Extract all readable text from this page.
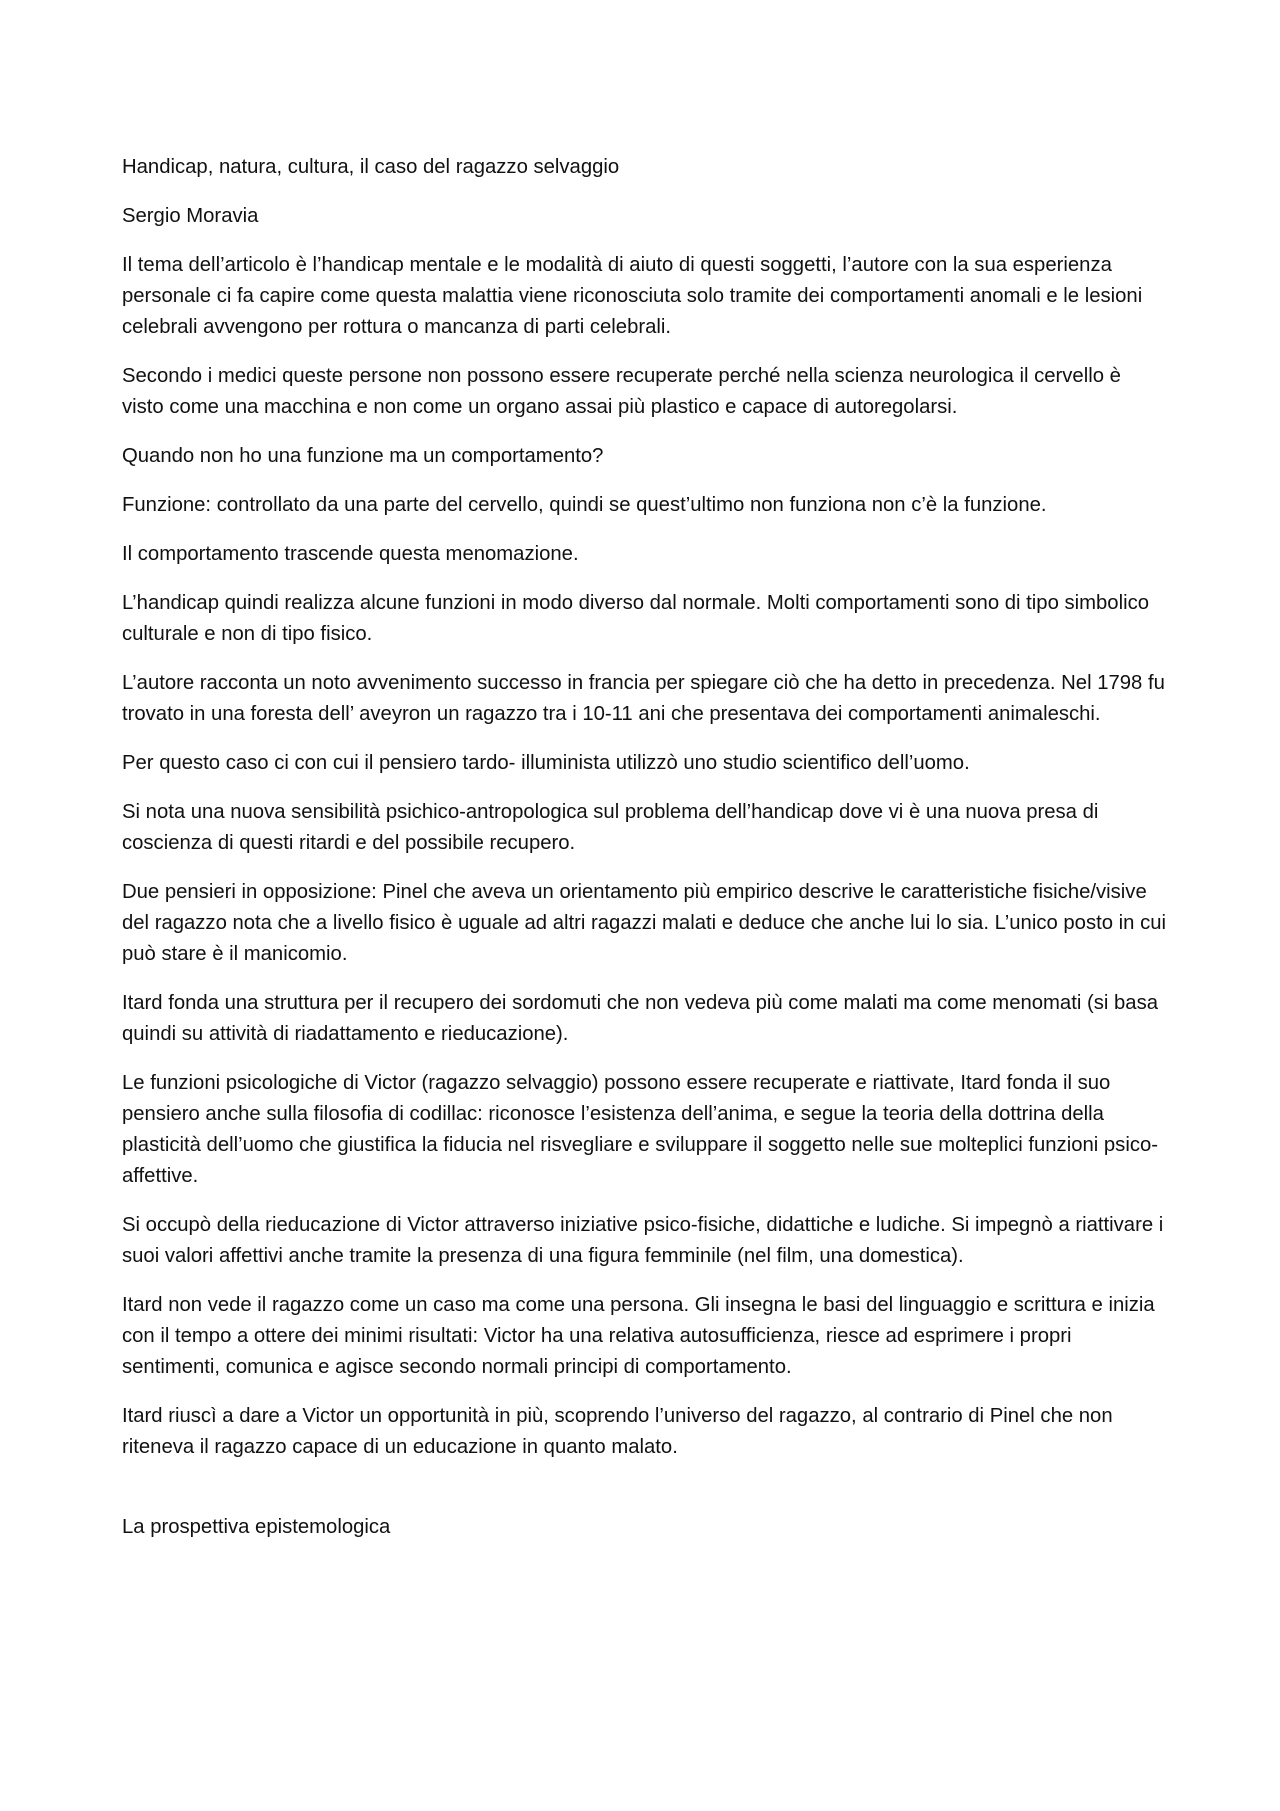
Handicap, natura, cultura, il caso del ragazzo selvaggio

Sergio Moravia

Il tema dell’articolo è l’handicap mentale e le modalità di aiuto di questi soggetti, l’autore con la sua esperienza personale ci fa capire come questa malattia viene riconosciuta solo tramite dei comportamenti anomali e le lesioni celebrali avvengono per rottura o mancanza di parti celebrali.

Secondo i medici queste persone non possono essere recuperate perché nella scienza neurologica il cervello è visto come una macchina e non come un organo assai più plastico e capace di autoregolarsi.

Quando non ho una funzione ma un comportamento?

Funzione: controllato da una parte del cervello, quindi se quest’ultimo non funziona non c’è la funzione.

Il comportamento trascende questa menomazione.

L’handicap quindi realizza alcune funzioni in modo diverso dal normale. Molti comportamenti sono di tipo simbolico culturale e non di tipo fisico.

L’autore racconta un noto avvenimento successo in francia per spiegare ciò che ha detto in precedenza. Nel 1798 fu trovato in una foresta dell’ aveyron un ragazzo tra i 10-11 ani che presentava dei comportamenti animaleschi.

Per questo caso ci con cui il pensiero tardo- illuminista utilizzò uno studio scientifico dell’uomo.

Si nota una nuova sensibilità psichico-antropologica sul problema dell’handicap dove vi è una nuova presa di coscienza di questi ritardi e del possibile recupero.

Due pensieri in opposizione: Pinel che aveva un orientamento più empirico descrive le caratteristiche fisiche/visive del ragazzo nota che a livello fisico è uguale ad altri ragazzi malati e deduce che anche lui lo sia. L’unico posto in cui può stare è il manicomio.

Itard fonda una struttura per il recupero dei sordomuti che non vedeva più come malati ma come menomati (si basa quindi su attività di riadattamento e rieducazione).

Le funzioni psicologiche di Victor (ragazzo selvaggio) possono essere recuperate e riattivate, Itard fonda il suo pensiero anche sulla filosofia di codillac: riconosce l’esistenza dell’anima, e segue la teoria della dottrina della plasticità dell’uomo che giustifica la fiducia nel risvegliare e sviluppare il soggetto nelle sue molteplici funzioni psico-affettive.

Si occupò della rieducazione di Victor attraverso iniziative psico-fisiche, didattiche e ludiche. Si impegnò a riattivare i suoi valori affettivi anche tramite la presenza di una figura femminile (nel film, una domestica).

Itard non vede il ragazzo come un caso ma come una persona. Gli insegna le basi del linguaggio e scrittura e inizia con il tempo a ottere dei minimi risultati: Victor ha una relativa autosufficienza, riesce ad esprimere i propri sentimenti, comunica e agisce secondo normali principi di comportamento.

Itard riuscì a dare a Victor un opportunità in più, scoprendo l’universo del ragazzo, al contrario di Pinel che non riteneva il ragazzo capace di un educazione in quanto malato.

La prospettiva epistemologica
